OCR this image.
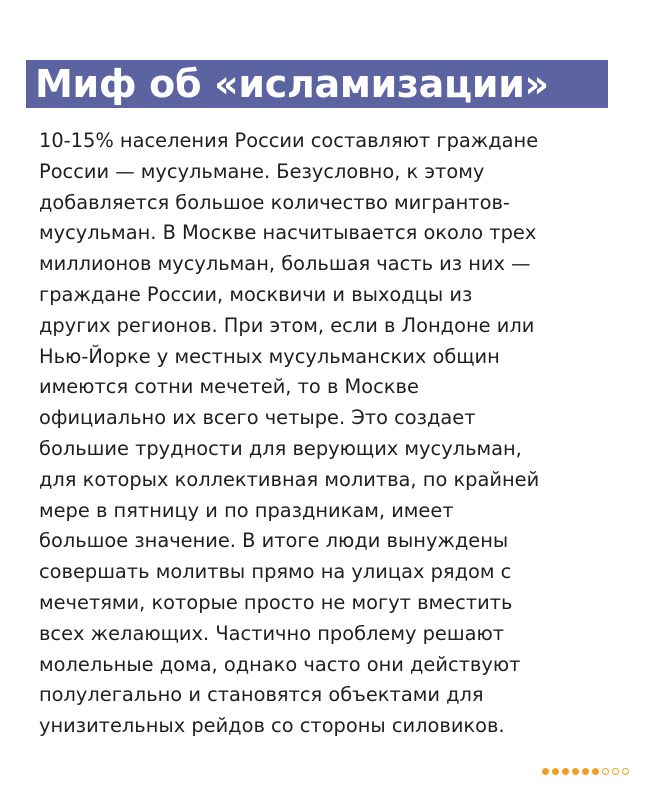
Миф об «исламизации»
10-15% населения России составляют граждане
России — мусульмане. Безусловно, к этому
добавляется большое количество мигрантов-
мусульман. В Москве насчитывается около трех
миллионов мусульман, большая часть из них —
граждане России, москвичи и выходцы из
других регионов. При этом, если в Лондоне или
Нью-Йорке у местных мусульманских общин
имеются сотни мечетей, то в Москве
официально их всего четыре. Это создает
большие трудности для верующих мусульман,
для которых коллективная молитва, по крайней
мере в пятницу и по праздникам, имеет
большое значение. В итоге люди вынуждены
совершать молитвы прямо на улицах рядом с
мечетями, которые просто не могут вместить
всех желающих. Частично проблему решают
молельные дома, однако часто они действуют
полулегально и становятся объектами для
унизительных рейдов со стороны силовиков.
